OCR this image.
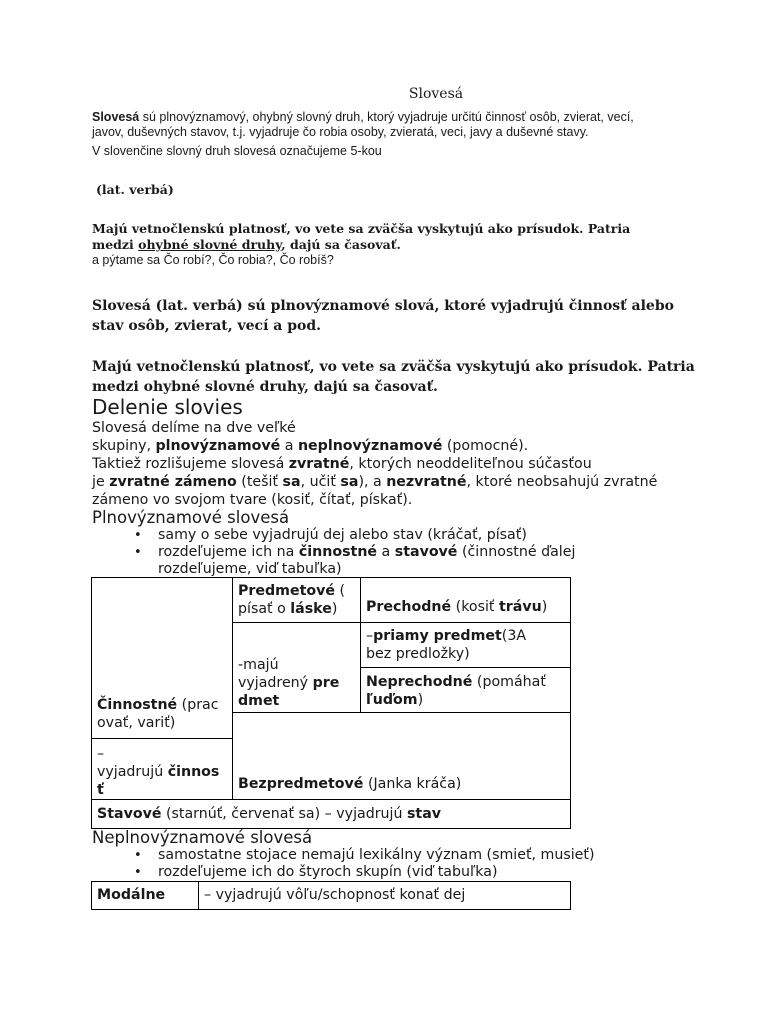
Slovesá
Slovesá sú plnovýznamový, ohybný slovný druh, ktorý vyjadruje určitú činnosť osôb, zvierat, vecí,
javov, duševných stavov, t.j. vyjadruje čo robia osoby, zvieratá, veci, javy a duševné stavy.
V slovenčine slovný druh slovesá označujeme 5-kou
(lat. verbá)
Majú vetnočlenskú platnosť, vo vete sa zväčša vyskytujú ako prísudok. Patria
medzi ohybné slovné druhy, dajú sa časovať.
a pýtame sa Čo robí?, Čo robia?, Čo robíš?
Slovesá (lat. verbá) sú plnovýznamové slová, ktoré vyjadrujú činnosť alebo
stav osôb, zvierat, vecí a pod.
Majú vetnočlenskú platnosť, vo vete sa zväčša vyskytujú ako prísudok. Patria
medzi ohybné slovné druhy, dajú sa časovať.
Delenie slovies
Slovesá delíme na dve veľké
skupiny, plnovýznamové a neplnovýznamové (pomocné).
Taktiež rozlišujeme slovesá zvratné, ktorých neoddeliteľnou súčasťou
je zvratné zámeno (tešiť sa, učiť sa), a nezvratné, ktoré neobsahujú zvratné
zámeno vo svojom tvare (kosiť, čítať, pískať).
Plnovýznamové slovesá
• samy o sebe vyjadrujú dej alebo stav (kráčať, písať)
• rozdeľujeme ich na činnostné a stavové (činnostné ďalej
rozdeľujeme, viď tabuľka)
Činnostné (prac
ovať, variť)
–
vyjadrujú činnos
ť
Predmetové (
písať o láske)
-majú
vyjadrený pre
dmet
Prechodné (kosiť trávu)
–priamy predmet(3A
bez predložky)
Neprechodné (pomáhať
ľuďom)
Bezpredmetové (Janka kráča)
Stavové (starnúť, červenať sa) – vyjadrujú stav
Neplnovýznamové slovesá
• samostatne stojace nemajú lexikálny význam (smieť, musieť)
• rozdeľujeme ich do štyroch skupín (viď tabuľka)
Modálne	– vyjadrujú vôľu/schopnosť konať dej
